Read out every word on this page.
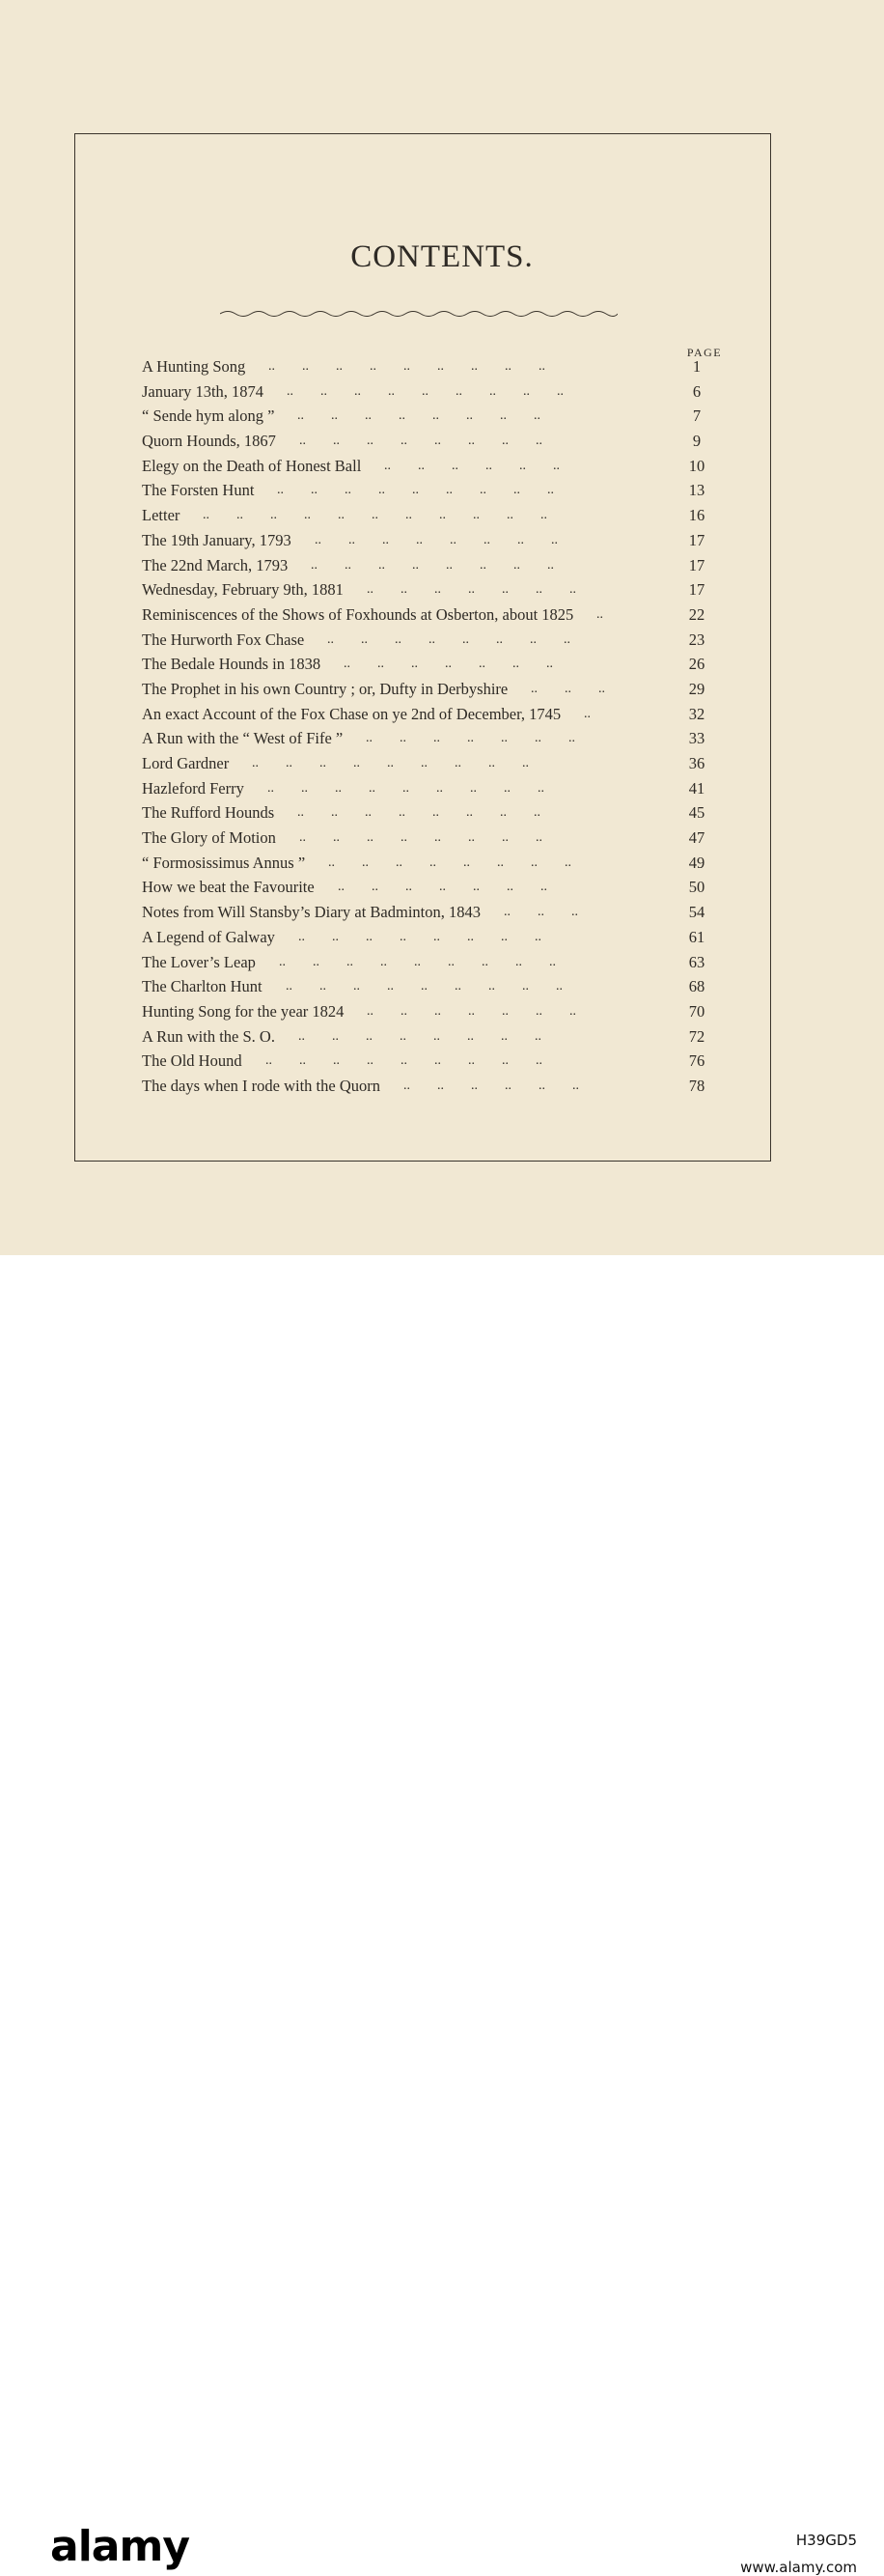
CONTENTS.
PAGE
A Hunting Song ..        ..        ..        ..        ..        ..        ..        ..        ..	1
January 13th, 1874 ..        ..        ..        ..        ..        ..        ..        ..        ..	6
“ Sende hym along ” ..        ..        ..        ..        ..        ..        ..        ..	7
Quorn Hounds, 1867 ..        ..        ..        ..        ..        ..        ..        ..	9
Elegy on the Death of Honest Ball ..        ..        ..        ..        ..        ..	10
The Forsten Hunt ..        ..        ..        ..        ..        ..        ..        ..        ..	13
Letter ..        ..        ..        ..        ..        ..        ..        ..        ..        ..        ..	16
The 19th January, 1793 ..        ..        ..        ..        ..        ..        ..        ..	17
The 22nd March, 1793 ..        ..        ..        ..        ..        ..        ..        ..	17
Wednesday, February 9th, 1881 ..        ..        ..        ..        ..        ..        ..	17
Reminiscences of the Shows of Foxhounds at Osberton, about 1825 ..	22
The Hurworth Fox Chase ..        ..        ..        ..        ..        ..        ..        ..	23
The Bedale Hounds in 1838 ..        ..        ..        ..        ..        ..        ..	26
The Prophet in his own Country ; or, Dufty in Derbyshire ..        ..        ..	29
An exact Account of the Fox Chase on ye 2nd of December, 1745 ..	32
A Run with the “ West of Fife ” ..        ..        ..        ..        ..        ..        ..	33
Lord Gardner ..        ..        ..        ..        ..        ..        ..        ..        ..	36
Hazleford Ferry ..        ..        ..        ..        ..        ..        ..        ..        ..	41
The Rufford Hounds ..        ..        ..        ..        ..        ..        ..        ..	45
The Glory of Motion ..        ..        ..        ..        ..        ..        ..        ..	47
“ Formosissimus Annus ” ..        ..        ..        ..        ..        ..        ..        ..	49
How we beat the Favourite ..        ..        ..        ..        ..        ..        ..	50
Notes from Will Stansby’s Diary at Badminton, 1843 ..        ..        ..	54
A Legend of Galway ..        ..        ..        ..        ..        ..        ..        ..	61
The Lover’s Leap ..        ..        ..        ..        ..        ..        ..        ..        ..	63
The Charlton Hunt ..        ..        ..        ..        ..        ..        ..        ..        ..	68
Hunting Song for the year 1824 ..        ..        ..        ..        ..        ..        ..	70
A Run with the S. O. ..        ..        ..        ..        ..        ..        ..        ..	72
The Old Hound ..        ..        ..        ..        ..        ..        ..        ..        ..	76
The days when I rode with the Quorn ..        ..        ..        ..        ..        ..	78
alamy	H39GD5
www.alamy.com
